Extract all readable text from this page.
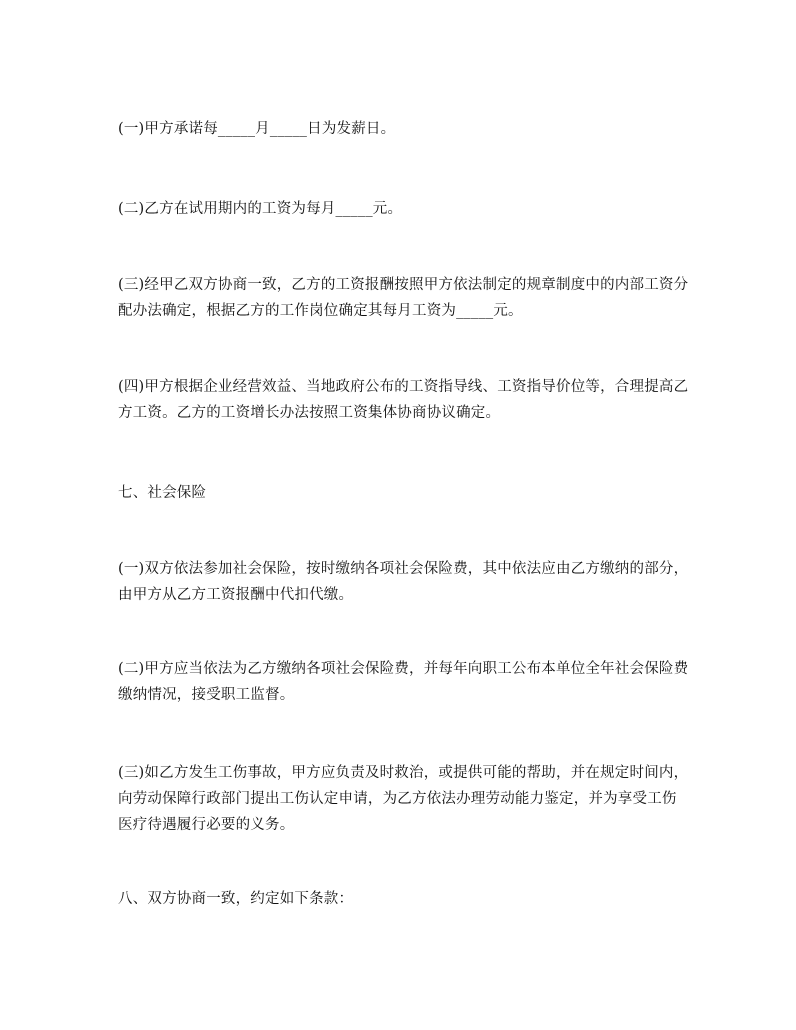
(一)甲方承诺每_____月_____日为发薪日。

(二)乙方在试用期内的工资为每月_____元。

(三)经甲乙双方协商一致，乙方的工资报酬按照甲方依法制定的规章制度中的内部工资分配办法确定，根据乙方的工作岗位确定其每月工资为_____元。

(四)甲方根据企业经营效益、当地政府公布的工资指导线、工资指导价位等，合理提高乙方工资。乙方的工资增长办法按照工资集体协商协议确定。

七、社会保险

(一)双方依法参加社会保险，按时缴纳各项社会保险费，其中依法应由乙方缴纳的部分，由甲方从乙方工资报酬中代扣代缴。

(二)甲方应当依法为乙方缴纳各项社会保险费，并每年向职工公布本单位全年社会保险费缴纳情况，接受职工监督。

(三)如乙方发生工伤事故，甲方应负责及时救治，或提供可能的帮助，并在规定时间内，向劳动保障行政部门提出工伤认定申请，为乙方依法办理劳动能力鉴定，并为享受工伤医疗待遇履行必要的义务。

八、双方协商一致，约定如下条款：
